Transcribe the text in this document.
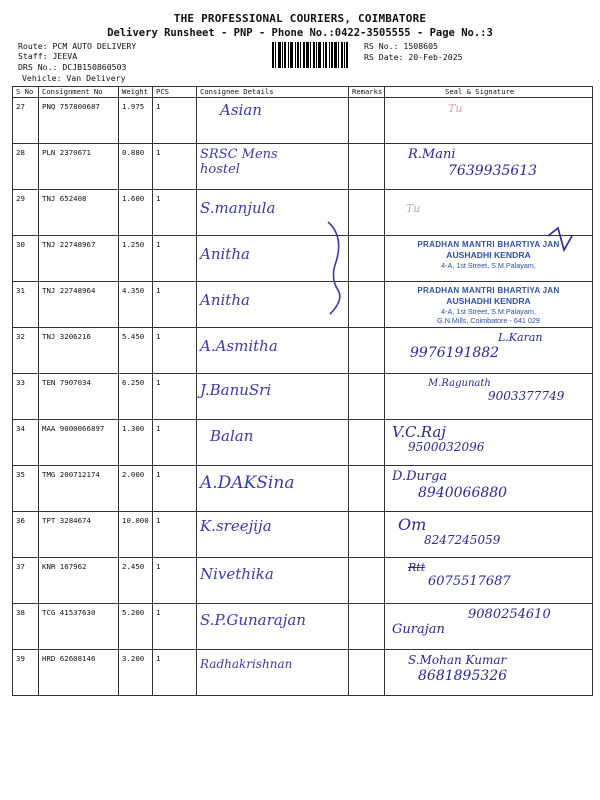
THE PROFESSIONAL COURIERS, COIMBATORE
Delivery Runsheet - PNP - Phone No.:0422-3505555 - Page No.:3
Route: PCM AUTO DELIVERY
Staff: JEEVA
DRS No.: DCJB150860503
Vehicle: Van Delivery
RS No.: 1508605
RS Date: 20-Feb-2025
S No	Consignment No	Weight	PCS	Consignee Details	Remarks	Seal & Signature
27	PNQ 757800687	1.975	1	Asian		Tu
28	PLN 2370671	0.880	1	SRSC Mens hostel		R.Mani
7639935613

29	TNJ 652408	1.600	1	S.manjula		Tu

30	TNJ 22748967	1.250	1	Anitha		PRADHAN MANTRI BHARTIYA JAN
AUSHADHI KENDRA
4-A, 1st Street, S.M.Palayam,

31	TNJ 22748964	4.350	1	Anitha		PRADHAN MANTRI BHARTIYA JAN
AUSHADHI KENDRA
4-A, 1st Street, S.M.Palayam,
G.N.Mills, Coimbatore - 641 029

32	TNJ 3206216	5.450	1	A.Asmitha		L.Karan
9976191882

33	TEN 7907034	6.250	1	J.BanuSri		M.Ragunath
9003377749

34	MAA 9000066897	1.300	1	Balan		V.C.Raj
9500032096

35	TMG 200712174	2.000	1	A.DAKSina		D.Durga
8940066880

36	TPT 3284674	10.000	1	K.sreejija		Om
8247245059

37	KNR 167962	2.450	1	Nivethika		Rtt
6075517687

38	TCG 41537630	5.200	1	S.P.Gunarajan		9080254610
Gurajan

39	HRD 62608146	3.200	1	Radhakrishnan		S.Mohan Kumar
8681895326
